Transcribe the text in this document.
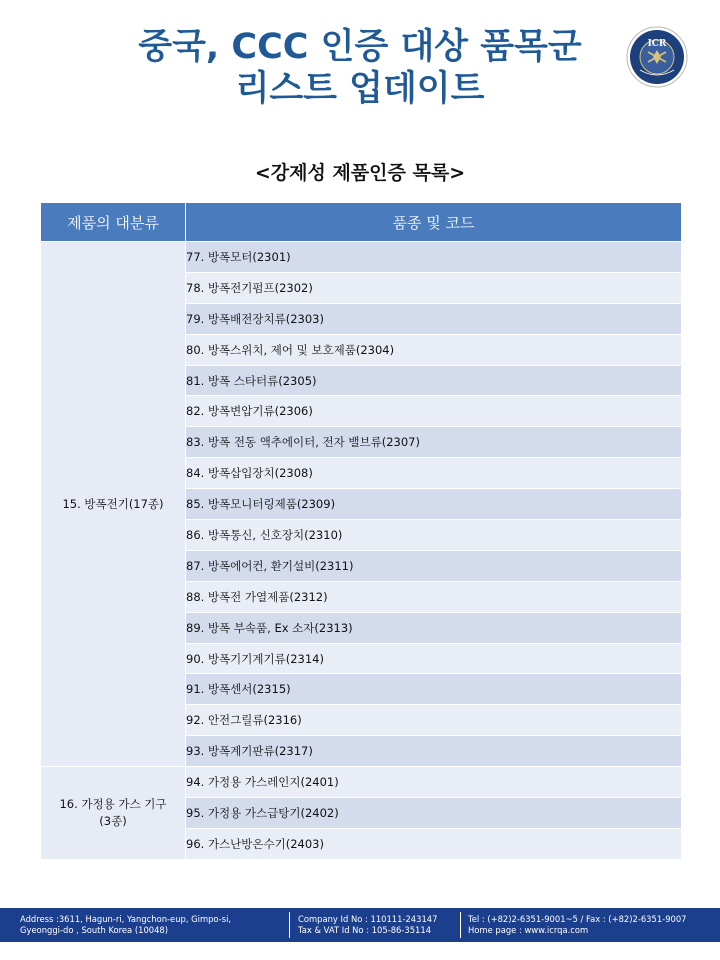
중국, CCC 인증 대상 품목군
리스트 업데이트
ICR
<강제성 제품인증 목록>
제품의 대분류	품종 및 코드
15. 방폭전기(17종)	77. 방폭모터(2301)
	78. 방폭전기펌프(2302)
	79. 방폭배전장치류(2303)
	80. 방폭스위치, 제어 및 보호제품(2304)
	81. 방폭 스타터류(2305)
	82. 방폭변압기류(2306)
	83. 방폭 전동 액추에이터, 전자 밸브류(2307)
	84. 방폭삽입장치(2308)
	85. 방폭모니터링제품(2309)
	86. 방폭통신, 신호장치(2310)
	87. 방폭에어컨, 환기설비(2311)
	88. 방폭전 가열제품(2312)
	89. 방폭 부속품, Ex 소자(2313)
	90. 방폭기기계기류(2314)
	91. 방폭센서(2315)
	92. 안전그릴류(2316)
	93. 방폭계기판류(2317)

16. 가정용 가스 기구
(3종)	94. 가정용 가스레인지(2401)
	95. 가정용 가스급탕기(2402)
	96. 가스난방온수기(2403)
Address :3611, Hagun-ri, Yangchon-eup, Gimpo-si,
Gyeonggi-do , South Korea (10048)
Company Id No : 110111-243147
Tax & VAT Id No : 105-86-35114
Tel : (+82)2-6351-9001~5 / Fax : (+82)2-6351-9007
Home page : www.icrqa.com
